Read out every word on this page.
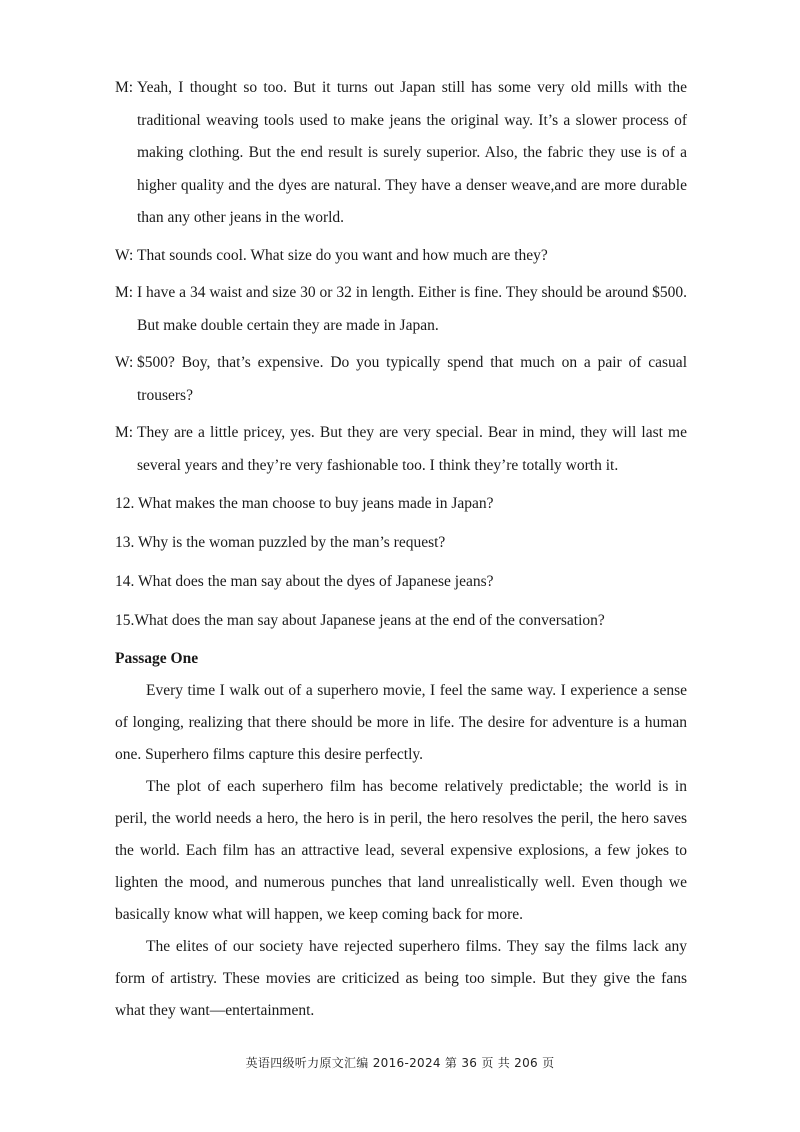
M: Yeah, I thought so too. But it turns out Japan still has some very old mills with the traditional weaving tools used to make jeans the original way. It’s a slower process of making clothing. But the end result is surely superior. Also, the fabric they use is of a higher quality and the dyes are natural. They have a denser weave,and are more durable than any other jeans in the world.
W: That sounds cool. What size do you want and how much are they?
M: I have a 34 waist and size 30 or 32 in length. Either is fine. They should be around $500. But make double certain they are made in Japan.
W: $500? Boy, that’s expensive. Do you typically spend that much on a pair of casual trousers?
M: They are a little pricey, yes. But they are very special. Bear in mind, they will last me several years and they’re very fashionable too. I think they’re totally worth it.
12. What makes the man choose to buy jeans made in Japan?
13. Why is the woman puzzled by the man’s request?
14. What does the man say about the dyes of Japanese jeans?
15.What does the man say about Japanese jeans at the end of the conversation?
Passage One

Every time I walk out of a superhero movie, I feel the same way. I experience a sense of longing, realizing that there should be more in life. The desire for adventure is a human one. Superhero films capture this desire perfectly.

The plot of each superhero film has become relatively predictable; the world is in peril, the world needs a hero, the hero is in peril, the hero resolves the peril, the hero saves the world. Each film has an attractive lead, several expensive explosions, a few jokes to lighten the mood, and numerous punches that land unrealistically well. Even though we basically know what will happen, we keep coming back for more.

The elites of our society have rejected superhero films. They say the films lack any form of artistry. These movies are criticized as being too simple. But they give the fans what they want—entertainment.

英语四级听力原文汇编 2016-2024 第 36 页 共 206 页
